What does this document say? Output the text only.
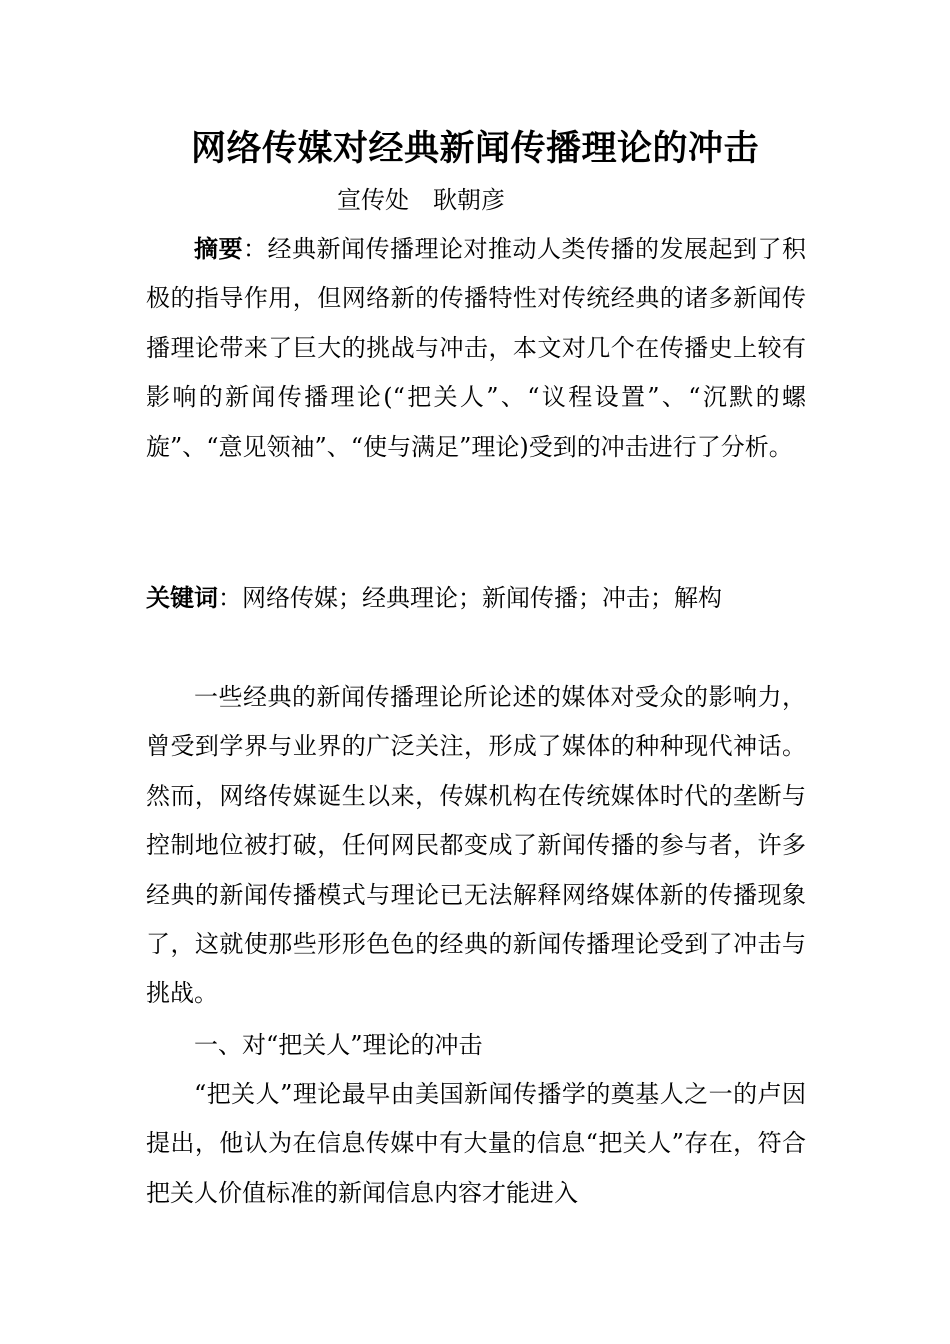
网络传媒对经典新闻传播理论的冲击
宣传处　耿朝彦

摘要：经典新闻传播理论对推动人类传播的发展起到了积极的指导作用，但网络新的传播特性对传统经典的诸多新闻传播理论带来了巨大的挑战与冲击，本文对几个在传播史上较有影响的新闻传播理论(“把关人”、“议程设置”、“沉默的螺旋”、“意见领袖”、“使与满足”理论)受到的冲击进行了分析。

关键词：网络传媒；经典理论；新闻传播；冲击；解构

一些经典的新闻传播理论所论述的媒体对受众的影响力，曾受到学界与业界的广泛关注，形成了媒体的种种现代神话。然而，网络传媒诞生以来，传媒机构在传统媒体时代的垄断与控制地位被打破，任何网民都变成了新闻传播的参与者，许多经典的新闻传播模式与理论已无法解释网络媒体新的传播现象了，这就使那些形形色色的经典的新闻传播理论受到了冲击与挑战。

一、对“把关人”理论的冲击

“把关人”理论最早由美国新闻传播学的奠基人之一的卢因提出，他认为在信息传媒中有大量的信息“把关人”存在，符合把关人价值标准的新闻信息内容才能进入
